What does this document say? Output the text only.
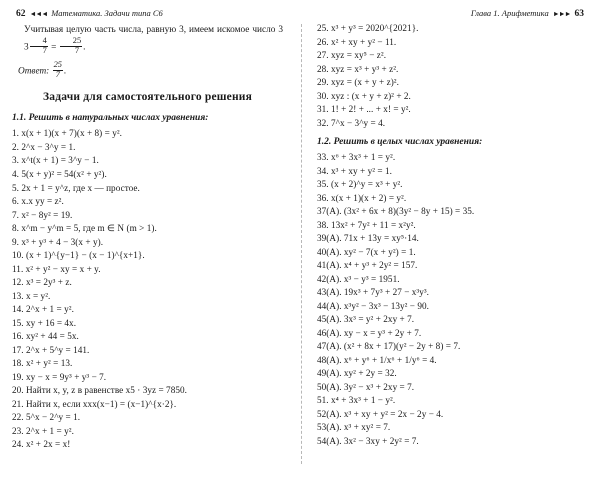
62 ◄◄◄ Математика. Задачи типа С6	Глава 1. Арифметика ►►► 63

Учитывая целую часть числа, равную 3, имеем искомое число $33 \frac{4}{7} = \frac{25}{7}$ .

Ответ: $\frac{25}{7}$ .
Задачи для самостоятельного решения
1.1. Решить в натуральных числах уравнения:
1. x(x + 1)(x + 7)(x + 8) = y².
2. 2^x − 3^y = 1.
3. x^t(x + 1) = 3^y − 1.
4. 5(x + y)² = 54(x² + y²).
5. 2x + 1 = y^z, где x — простое.
6. x.x yy = z².
7. x² − 8y² = 19.
8. x^m − y^m = 5, где m ∈ N (m > 1).
9. x³ + y³ + 4 − 3(x + y).
10. (x + 1)^{y−1} − (x − 1)^{x+1}.
11. x² + y² − xy = x + y.
12. x³ = 2y³ + z.
13. x = y².
14. 2^x + 1 = y².
15. xy + 16 = 4x.
16. xy² + 44 = 5x.
17. 2^x + 5^y = 141.
18. x² + y² = 13.
19. xy − x = 9y³ + y³ − 7.
20. Найти x, y, z в равенстве x5 · 3yz = 7850.
21. Найти x, если xxx(x−1) = (x−1)^{x·2}.
22. 5^x − 2^y = 1.
23. 2^x + 1 = y².
24. x² + 2x = x!
25. x³ + y³ = 2020^{2021}.
26. x² + xy + y² − 11.
27. xyz = xy⁵ − z².
28. xyz = x³ + y³ + z².
29. xyz = (x + y + z)².
30. xyz : (x + y + z)² + 2.
31. 1! + 2! + ... + x! = y².
32. 7^x − 3^y = 4.
1.2. Решить в целых числах уравнения:
33. x⁶ + 3x³ + 1 = y².
34. x³ + xy + y² = 1.
35. (x + 2)^y = x³ + y².
36. x(x + 1)(x + 2) = y².
37(А). (3x² + 6x + 8)(3y² − 8y + 15) = 35.
38. 13x² + 7y² + 11 = x²y².
39(А). 71x + 13y = xy⁵·14.
40(А). xy² − 7(x + y²) = 1.
41(А). x⁴ + y³ + 2y² = 157.
42(А). x³ − y³ = 1951.
43(А). 19x³ + 7y³ + 27 − x³y³.
44(А). x³y² − 3x³ − 13y² − 90.
45(А). 3x³ = y² + 2xy + 7.
46(А). xy − x = y³ + 2y + 7.
47(А). (x² + 8x + 17)(y² − 2y + 8) = 7.
48(А). x⁶ + y⁶ + 1/x⁶ + 1/y⁶ = 4.
49(А). xy² + 2y = 32.
50(А). 3y² − x³ + 2xy = 7.
51. x⁴ + 3x³ + 1 − y².
52(А). x³ + xy + y² = 2x − 2y − 4.
53(А). x³ + xy² = 7.
54(А). 3x² − 3xy + 2y² = 7.
